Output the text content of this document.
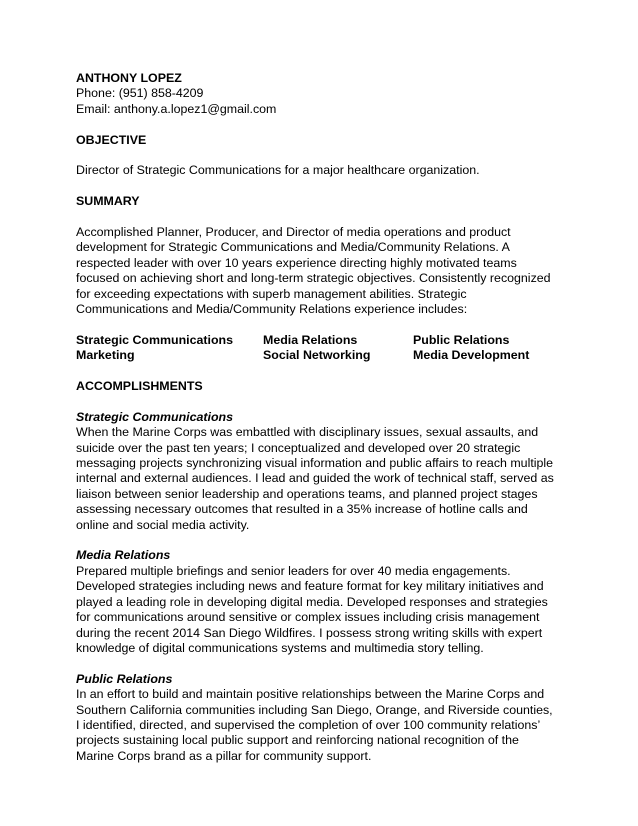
ANTHONY LOPEZ
Phone: (951) 858-4209
Email: anthony.a.lopez1@gmail.com
OBJECTIVE
Director of Strategic Communications for a major healthcare organization.
SUMMARY
Accomplished Planner, Producer, and Director of media operations and product
development for Strategic Communications and Media/Community Relations. A
respected leader with over 10 years experience directing highly motivated teams
focused on achieving short and long-term strategic objectives. Consistently recognized
for exceeding expectations with superb management abilities. Strategic
Communications and Media/Community Relations experience includes:
Strategic Communications	Media Relations	Public Relations
Marketing	Social Networking	Media Development
ACCOMPLISHMENTS
Strategic Communications
When the Marine Corps was embattled with disciplinary issues, sexual assaults, and
suicide over the past ten years; I conceptualized and developed over 20 strategic
messaging projects synchronizing visual information and public affairs to reach multiple
internal and external audiences. I lead and guided the work of technical staff, served as
liaison between senior leadership and operations teams, and planned project stages
assessing necessary outcomes that resulted in a 35% increase of hotline calls and
online and social media activity.
Media Relations
Prepared multiple briefings and senior leaders for over 40 media engagements.
Developed strategies including news and feature format for key military initiatives and
played a leading role in developing digital media. Developed responses and strategies
for communications around sensitive or complex issues including crisis management
during the recent 2014 San Diego Wildfires. I possess strong writing skills with expert
knowledge of digital communications systems and multimedia story telling.
Public Relations
In an effort to build and maintain positive relationships between the Marine Corps and
Southern California communities including San Diego, Orange, and Riverside counties,
I identified, directed, and supervised the completion of over 100 community relations’
projects sustaining local public support and reinforcing national recognition of the
Marine Corps brand as a pillar for community support.
